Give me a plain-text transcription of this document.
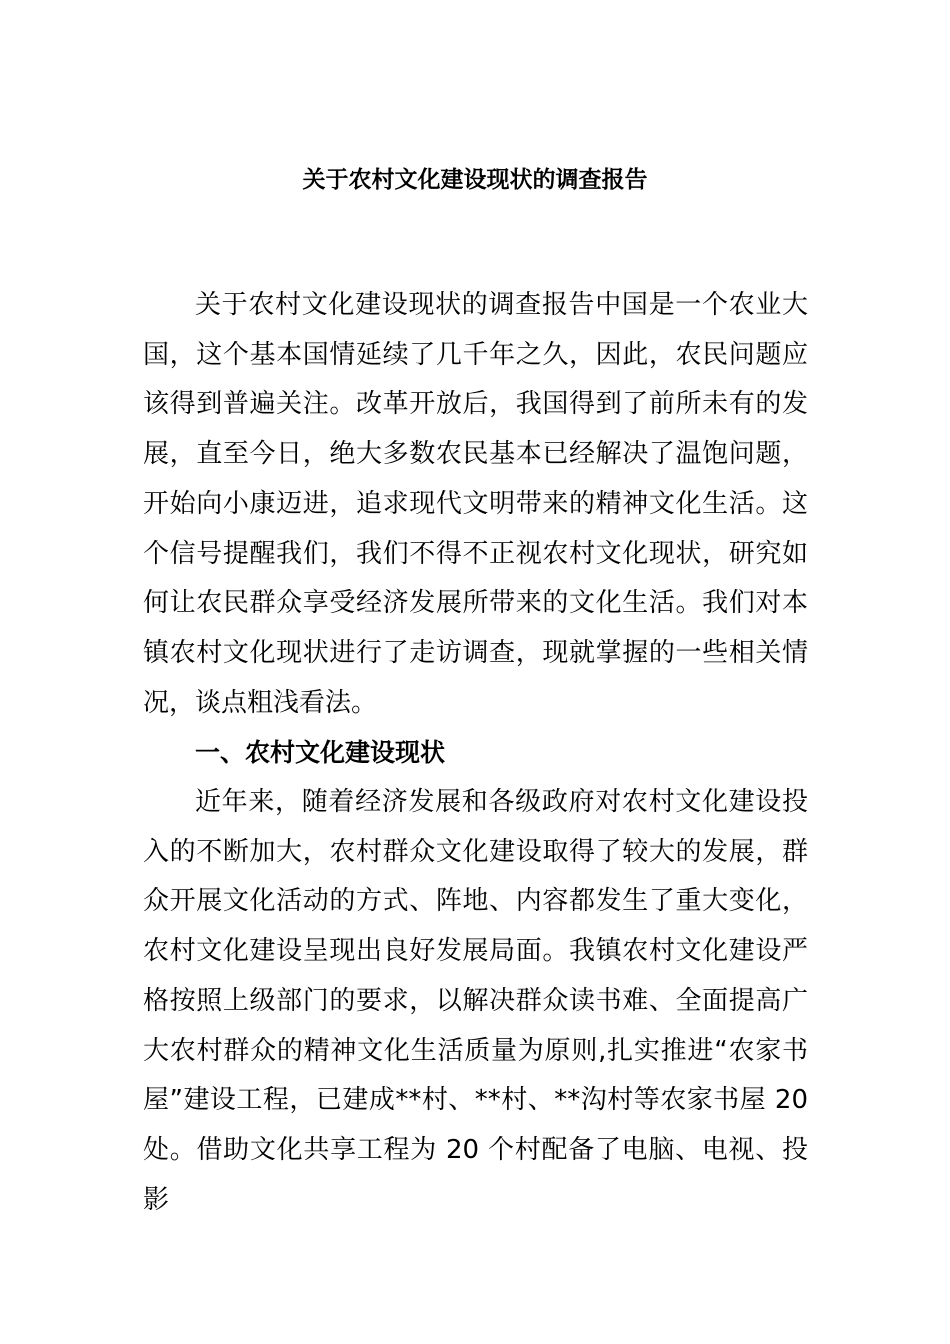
关于农村文化建设现状的调查报告

关于农村文化建设现状的调查报告中国是一个农业大国，这个基本国情延续了几千年之久，因此，农民问题应该得到普遍关注。改革开放后，我国得到了前所未有的发展，直至今日，绝大多数农民基本已经解决了温饱问题，开始向小康迈进，追求现代文明带来的精神文化生活。这个信号提醒我们，我们不得不正视农村文化现状，研究如何让农民群众享受经济发展所带来的文化生活。我们对本镇农村文化现状进行了走访调查，现就掌握的一些相关情况，谈点粗浅看法。

一、农村文化建设现状

近年来，随着经济发展和各级政府对农村文化建设投入的不断加大，农村群众文化建设取得了较大的发展，群众开展文化活动的方式、阵地、内容都发生了重大变化，农村文化建设呈现出良好发展局面。我镇农村文化建设严格按照上级部门的要求，以解决群众读书难、全面提高广大农村群众的精神文化生活质量为原则,扎实推进“农家书屋”建设工程，已建成**村、**村、**沟村等农家书屋 20处。借助文化共享工程为 20 个村配备了电脑、电视、投影
